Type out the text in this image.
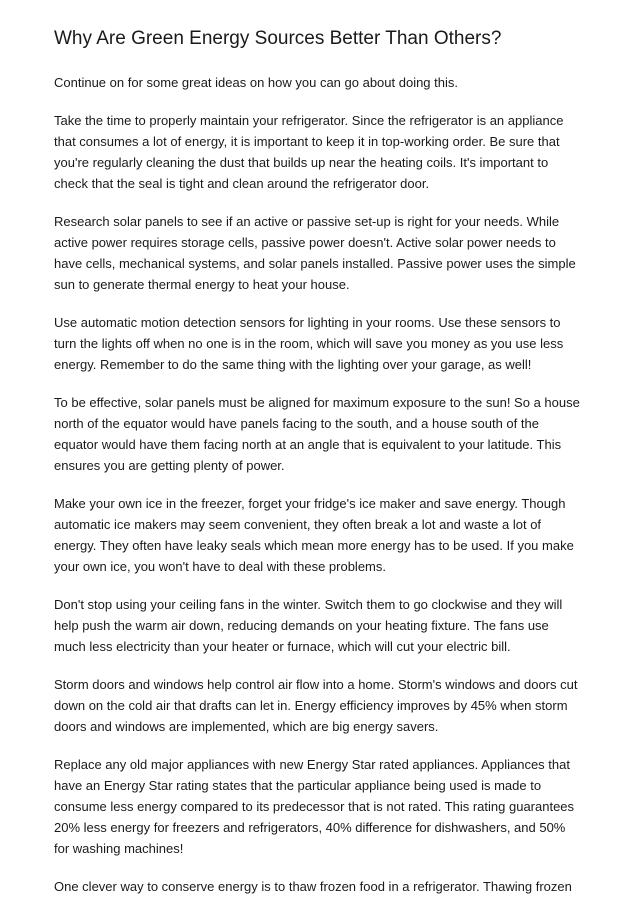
Why Are Green Energy Sources Better Than Others?

Continue on for some great ideas on how you can go about doing this.

Take the time to properly maintain your refrigerator. Since the refrigerator is an appliance that consumes a lot of energy, it is important to keep it in top-working order. Be sure that you're regularly cleaning the dust that builds up near the heating coils. It's important to check that the seal is tight and clean around the refrigerator door.

Research solar panels to see if an active or passive set-up is right for your needs. While active power requires storage cells, passive power doesn't. Active solar power needs to have cells, mechanical systems, and solar panels installed. Passive power uses the simple sun to generate thermal energy to heat your house.

Use automatic motion detection sensors for lighting in your rooms. Use these sensors to turn the lights off when no one is in the room, which will save you money as you use less energy. Remember to do the same thing with the lighting over your garage, as well!

To be effective, solar panels must be aligned for maximum exposure to the sun! So a house north of the equator would have panels facing to the south, and a house south of the equator would have them facing north at an angle that is equivalent to your latitude. This ensures you are getting plenty of power.

Make your own ice in the freezer, forget your fridge's ice maker and save energy. Though automatic ice makers may seem convenient, they often break a lot and waste a lot of energy. They often have leaky seals which mean more energy has to be used. If you make your own ice, you won't have to deal with these problems.

Don't stop using your ceiling fans in the winter. Switch them to go clockwise and they will help push the warm air down, reducing demands on your heating fixture. The fans use much less electricity than your heater or furnace, which will cut your electric bill.

Storm doors and windows help control air flow into a home. Storm's windows and doors cut down on the cold air that drafts can let in. Energy efficiency improves by 45% when storm doors and windows are implemented, which are big energy savers.

Replace any old major appliances with new Energy Star rated appliances. Appliances that have an Energy Star rating states that the particular appliance being used is made to consume less energy compared to its predecessor that is not rated. This rating guarantees 20% less energy for freezers and refrigerators, 40% difference for dishwashers, and 50% for washing machines!

One clever way to conserve energy is to thaw frozen food in a refrigerator. Thawing frozen
